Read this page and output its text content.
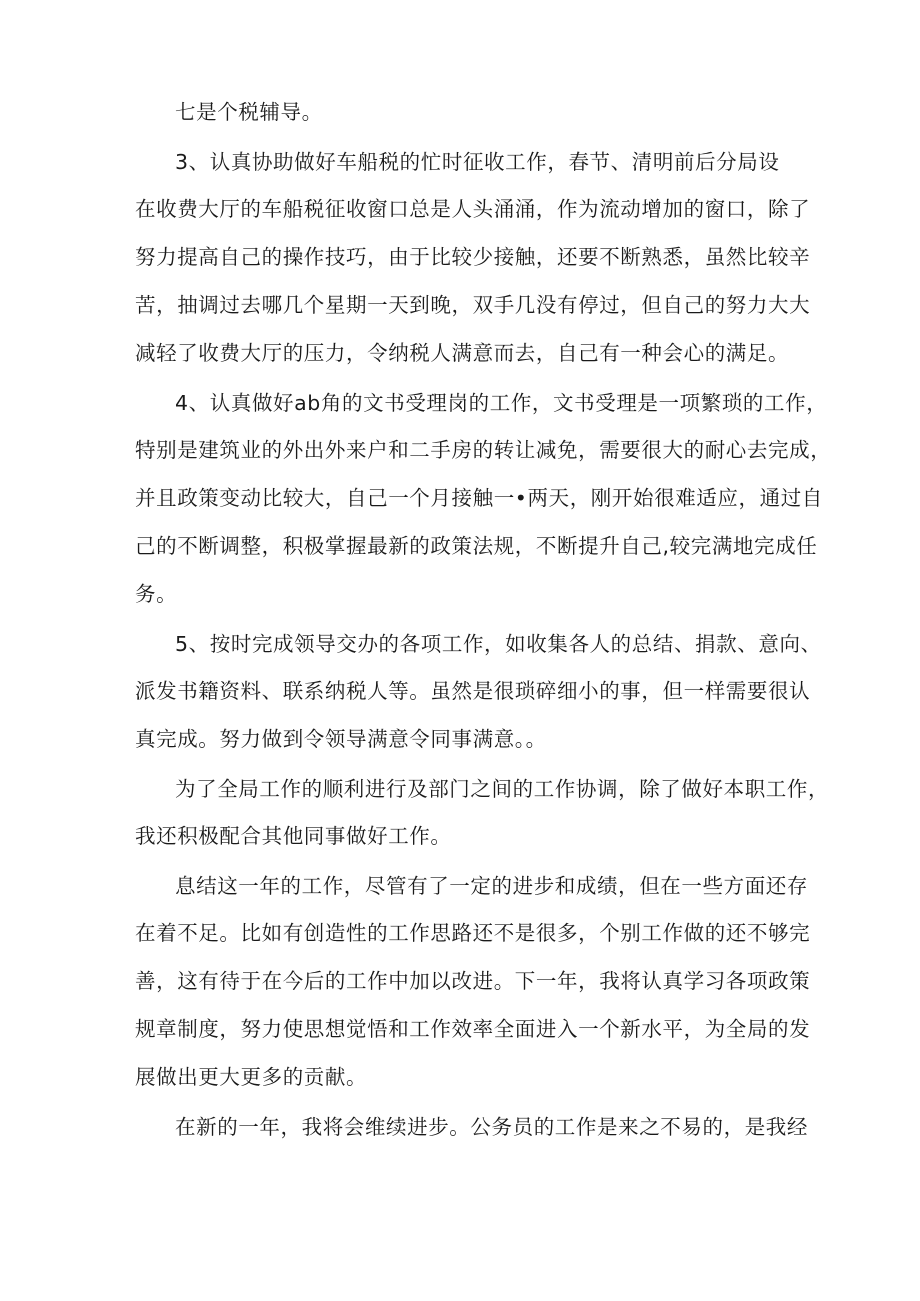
七是个税辅导。
3、认真协助做好车船税的忙时征收工作，春节、清明前后分局设
在收费大厅的车船税征收窗口总是人头涌涌，作为流动增加的窗口，除了
努力提高自己的操作技巧，由于比较少接触，还要不断熟悉，虽然比较辛
苦，抽调过去哪几个星期一天到晚，双手几没有停过，但自己的努力大大
减轻了收费大厅的压力，令纳税人满意而去，自己有一种会心的满足。
4、认真做好ab角的文书受理岗的工作，文书受理是一项繁琐的工作，
特别是建筑业的外出外来户和二手房的转让减免，需要很大的耐心去完成，
并且政策变动比较大，自己一个月接触一•两天，刚开始很难适应，通过自
己的不断调整，积极掌握最新的政策法规，不断提升自己,较完满地完成任
务。
5、按时完成领导交办的各项工作，如收集各人的总结、捐款、意向、
派发书籍资料、联系纳税人等。虽然是很琐碎细小的事，但一样需要很认
真完成。努力做到令领导满意令同事满意。。
为了全局工作的顺利进行及部门之间的工作协调，除了做好本职工作，
我还积极配合其他同事做好工作。
息结这一年的工作，尽管有了一定的进步和成绩，但在一些方面还存
在着不足。比如有创造性的工作思路还不是很多，个别工作做的还不够完
善，这有待于在今后的工作中加以改进。下一年，我将认真学习各项政策
规章制度，努力使思想觉悟和工作效率全面进入一个新水平，为全局的发
展做出更大更多的贡献。
在新的一年，我将会维续进步。公务员的工作是来之不易的，是我经
